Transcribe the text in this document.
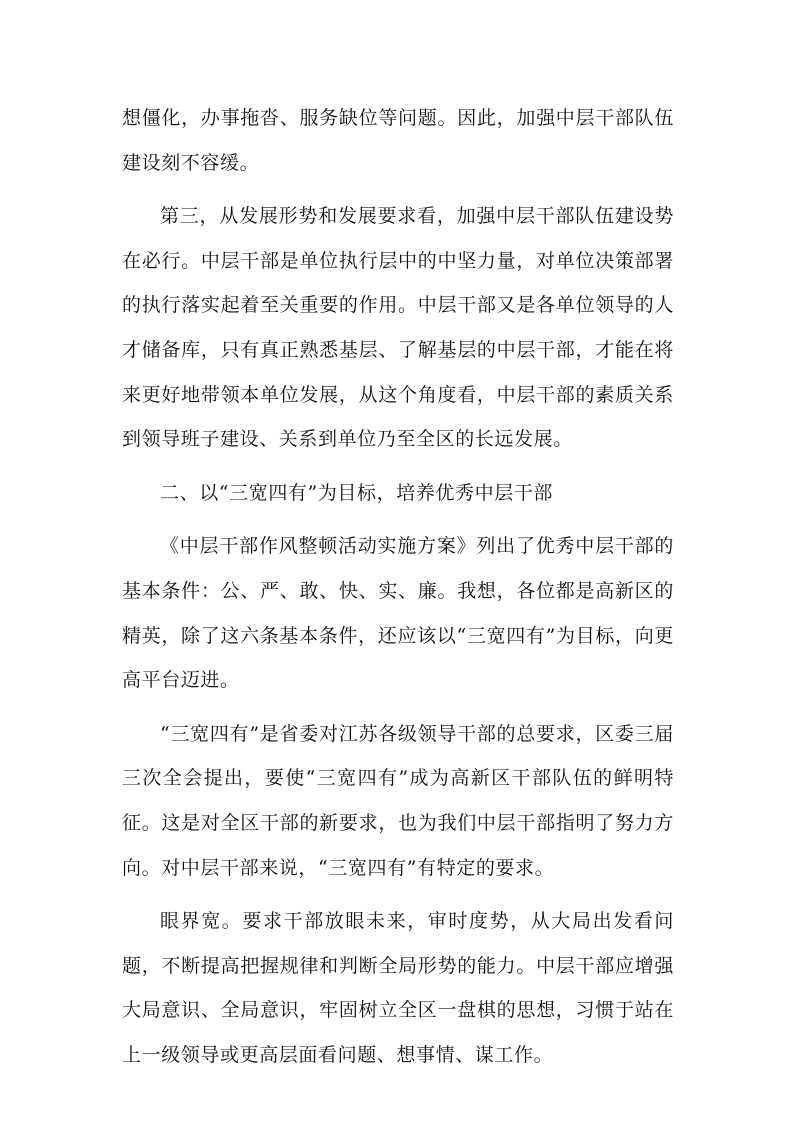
想僵化，办事拖沓、服务缺位等问题。因此，加强中层干部队伍建设刻不容缓。

第三，从发展形势和发展要求看，加强中层干部队伍建设势在必行。中层干部是单位执行层中的中坚力量，对单位决策部署的执行落实起着至关重要的作用。中层干部又是各单位领导的人才储备库，只有真正熟悉基层、了解基层的中层干部，才能在将来更好地带领本单位发展，从这个角度看，中层干部的素质关系到领导班子建设、关系到单位乃至全区的长远发展。

二、以“三宽四有”为目标，培养优秀中层干部

《中层干部作风整顿活动实施方案》列出了优秀中层干部的基本条件：公、严、敢、快、实、廉。我想，各位都是高新区的精英，除了这六条基本条件，还应该以“三宽四有”为目标，向更高平台迈进。

“三宽四有”是省委对江苏各级领导干部的总要求，区委三届三次全会提出，要使“三宽四有”成为高新区干部队伍的鲜明特征。这是对全区干部的新要求，也为我们中层干部指明了努力方向。对中层干部来说，“三宽四有”有特定的要求。

眼界宽。要求干部放眼未来，审时度势，从大局出发看问题，不断提高把握规律和判断全局形势的能力。中层干部应增强大局意识、全局意识，牢固树立全区一盘棋的思想，习惯于站在上一级领导或更高层面看问题、想事情、谋工作。
